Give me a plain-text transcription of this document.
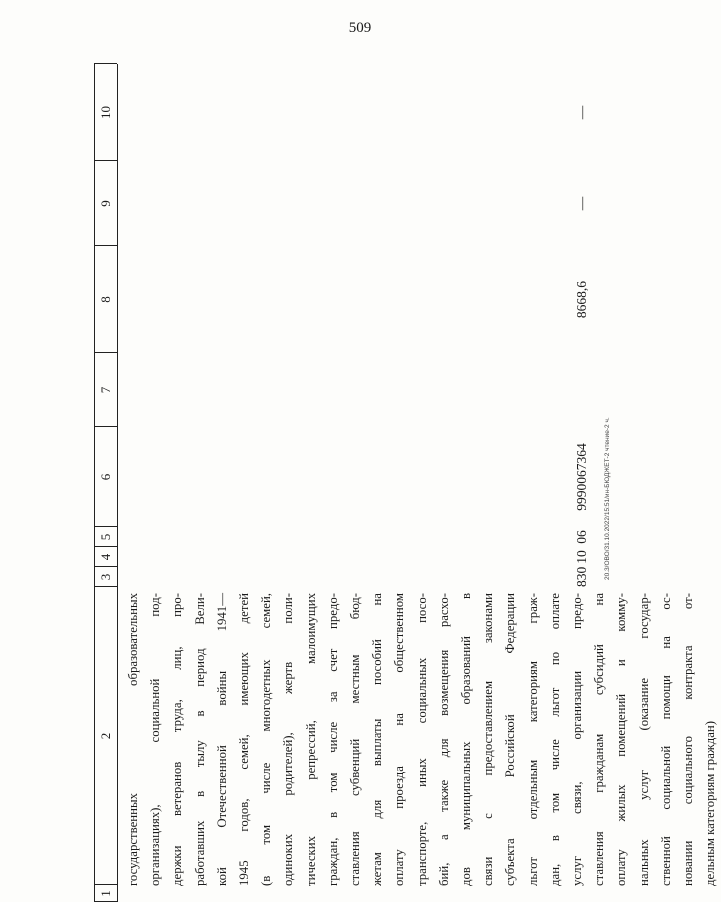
509
1
2
3
4
5
6
7
8
9
10
государственных образовательных организациях), социальной под- держки ветеранов труда, лиц, про- работавших в тылу в период Вели- кой Отечественной войны 1941— 1945 годов, семей, имеющих детей (в том числе многодетных семей, одиноких родителей), жертв поли- тических репрессий, малоимущих граждан, в том числе за счет предо- ставления субвенций местным бюд- жетам для выплаты пособий на оплату проезда на общественном транспорте, иных социальных посо- бий, а также для возмещения расхо- дов муниципальных образований в связи с предоставлением законами субъекта Российской Федерации льгот отдельным категориям граж- дан, в том числе льгот по оплате услуг связи, организации предо- ставления гражданам субсидий на оплату жилых помещений и комму- нальных услуг (оказание государ- ственной социальной помощи на ос- новании социального контракта от- дельным категориям граждан)
830
10
06
9990067364
8668,6
—
—
20.3/ОВО/31.10.2022/15:51/ин-БЮДЖЕТ-2 чтение-2 ч.
